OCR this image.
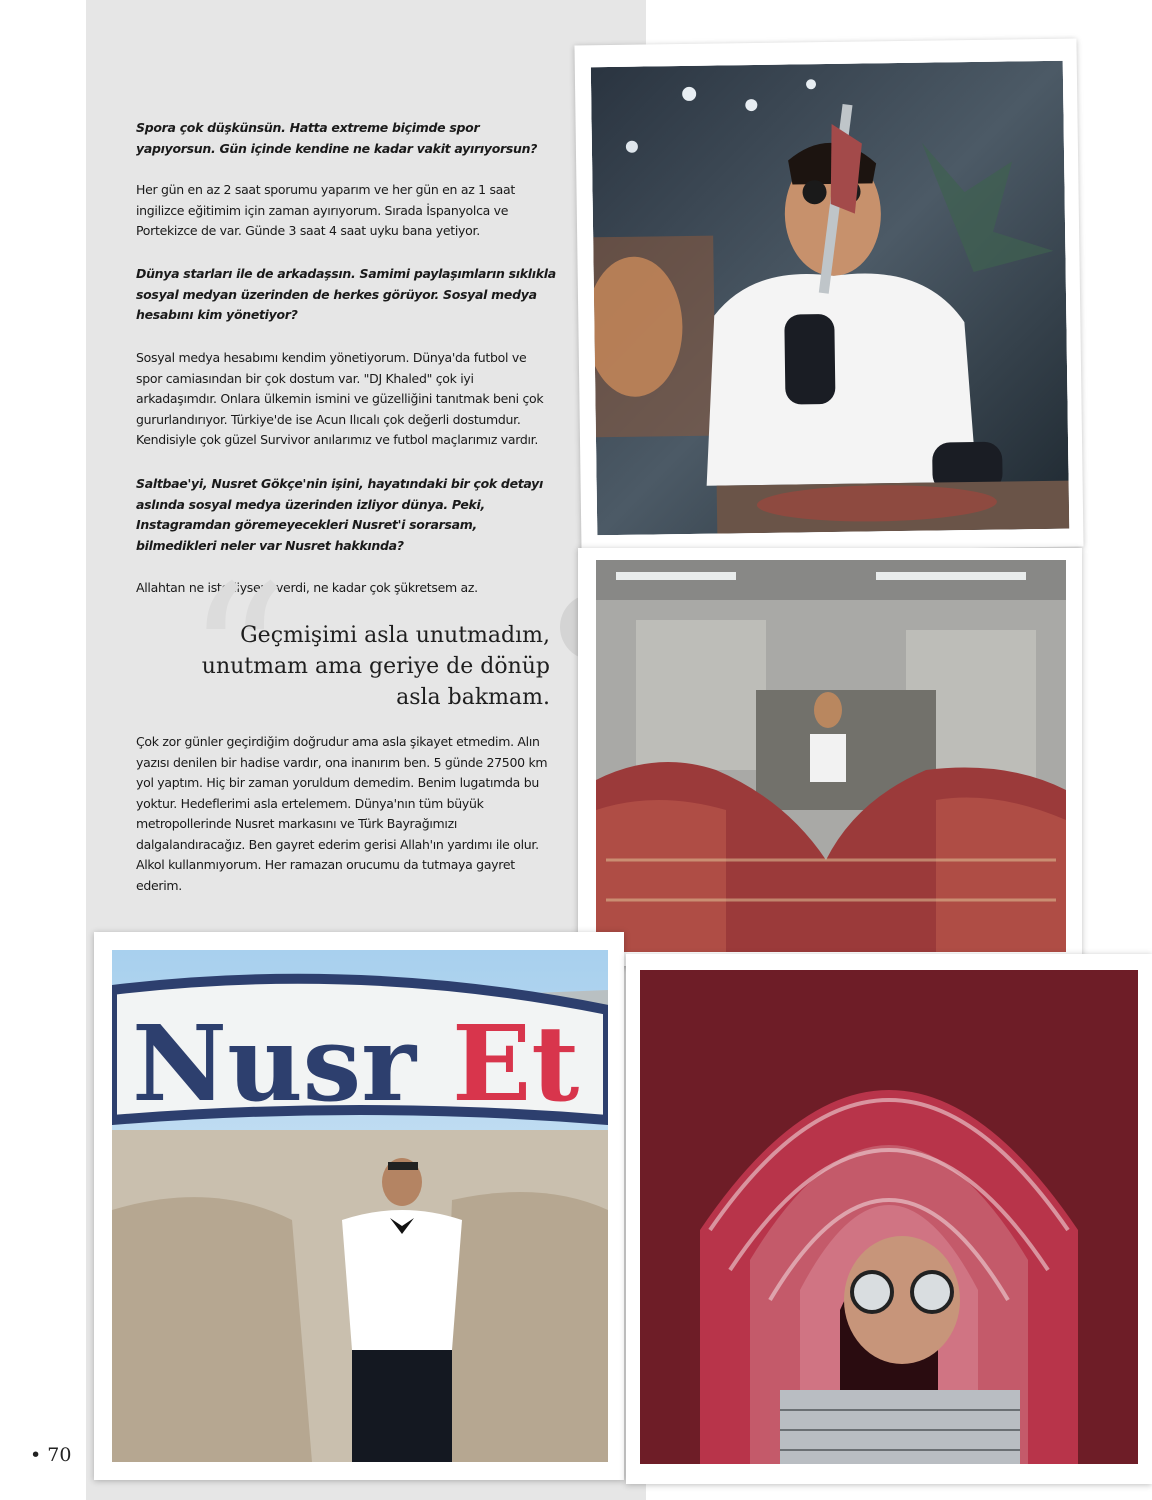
Spora çok düşkünsün. Hatta extreme biçimde spor yapıyorsun. Gün içinde kendine ne kadar vakit ayırıyorsun?

Her gün en az 2 saat sporumu yaparım ve her gün en az 1 saat ingilizce eğitimim için zaman ayırıyorum. Sırada İspanyolca ve Portekizce de var. Günde 3 saat 4 saat uyku bana yetiyor.

Dünya starları ile de arkadaşsın. Samimi paylaşımların sıklıkla sosyal medyan üzerinden de herkes görüyor. Sosyal medya hesabını kim yönetiyor?

Sosyal medya hesabımı kendim yönetiyorum. Dünya'da futbol ve spor camiasından bir çok dostum var. "DJ Khaled" çok iyi arkadaşımdır. Onlara ülkemin ismini ve güzelliğini tanıtmak beni çok gururlandırıyor. Türkiye'de ise Acun Ilıcalı çok değerli dostumdur. Kendisiyle çok güzel Survivor anılarımız ve futbol maçlarımız vardır.

Saltbae'yi, Nusret Gökçe'nin işini, hayatındaki bir çok detayı aslında sosyal medya üzerinden izliyor dünya. Peki, Instagramdan göremeyecekleri Nusret'i sorarsam, bilmedikleri neler var Nusret hakkında?

Allahtan ne istediysem verdi, ne kadar çok şükretsem az.

“
Geçmişimi asla unutmadım, unutmam ama geriye de dönüp asla bakmam.

Çok zor günler geçirdiğim doğrudur ama asla şikayet etmedim. Alın yazısı denilen bir hadise vardır, ona inanırım ben. 5 günde 27500 km yol yaptım. Hiç bir zaman yoruldum demedim. Benim lugatımda bu yoktur. Hedeflerimi asla ertelemem. Dünya'nın tüm büyük metropollerinde Nusret markasını ve Türk Bayrağımızı dalgalandıracağız. Ben gayret ederim gerisi Allah'ın yardımı ile olur. Alkol kullanmıyorum. Her ramazan orucumu da tutmaya gayret ederim.

Nusr Et
• 70
